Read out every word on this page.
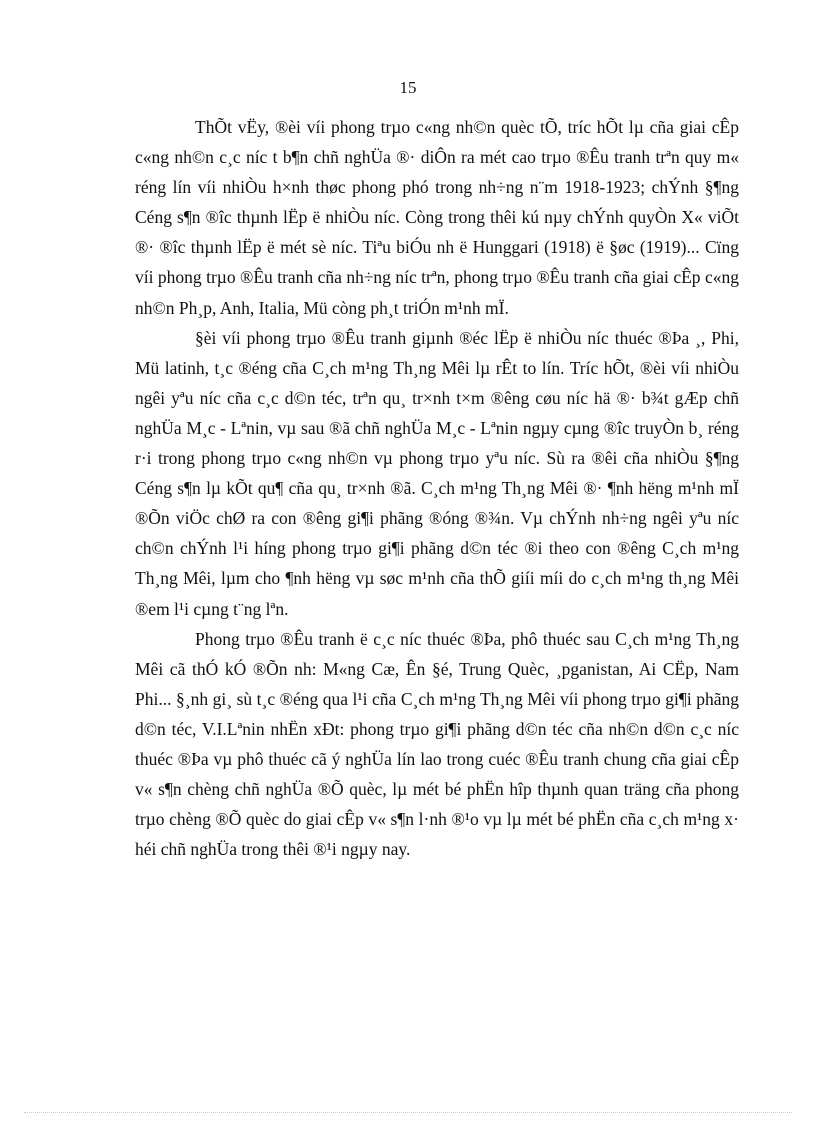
15

ThÕt vËy, ®èi víi phong trµo c«ng nh©n quèc tÕ, tríc hÕt lµ cña giai cÊp c«ng nh©n c¸c níc t b¶n chñ nghÜa ®· diÔn ra mét cao trµo ®Êu tranh trªn quy m« réng lín víi nhiÒu h×nh thøc phong phó trong nh÷ng n¨m 1918-1923; chÝnh §¶ng Céng s¶n ®îc thµnh lËp ë nhiÒu níc. Còng trong thêi kú nµy chÝnh quyÒn X« viÕt ®· ®îc thµnh lËp ë mét sè níc. Tiªu biÓu nh ë Hunggari (1918) ë §øc (1919)... Cïng víi phong trµo ®Êu tranh cña nh÷ng níc trªn, phong trµo ®Êu tranh cña giai cÊp c«ng nh©n Ph¸p, Anh, Italia, Mü còng ph¸t triÓn m¹nh mÏ.

§èi víi phong trµo ®Êu tranh giµnh ®éc lËp ë nhiÒu níc thuéc ®Þa ¸, Phi, Mü latinh, t¸c ®éng cña C¸ch m¹ng Th¸ng Mêi lµ rÊt to lín. Tríc hÕt, ®èi víi nhiÒu ngêi yªu níc cña c¸c d©n téc, trªn qu¸ tr×nh t×m ®êng cøu níc hä ®· b¾t gÆp chñ nghÜa M¸c - Lªnin, vµ sau ®ã chñ nghÜa M¸c - Lªnin ngµy cµng ®îc truyÒn b¸ réng r·i trong phong trµo c«ng nh©n vµ phong trµo yªu níc. Sù ra ®êi cña nhiÒu §¶ng Céng s¶n lµ kÕt qu¶ cña qu¸ tr×nh ®ã. C¸ch m¹ng Th¸ng Mêi ®· ¶nh hëng m¹nh mÏ ®Õn viÖc chØ ra con ®êng gi¶i phãng ®óng ®¾n. Vµ chÝnh nh÷ng ngêi yªu níc ch©n chÝnh l¹i híng phong trµo gi¶i phãng d©n téc ®i theo con ®êng C¸ch m¹ng Th¸ng Mêi, lµm cho ¶nh hëng vµ søc m¹nh cña thÕ giíi míi do c¸ch m¹ng th¸ng Mêi ®em l¹i cµng t¨ng lªn.

Phong trµo ®Êu tranh ë c¸c níc thuéc ®Þa, phô thuéc sau C¸ch m¹ng Th¸ng Mêi cã thÓ kÓ ®Õn nh: M«ng Cæ, Ên §é, Trung Quèc, ¸pganistan, Ai CËp, Nam Phi... §¸nh gi¸ sù t¸c ®éng qua l¹i cña C¸ch m¹ng Th¸ng Mêi víi phong trµo gi¶i phãng d©n téc, V.I.Lªnin nhËn xÐt: phong trµo gi¶i phãng d©n téc cña nh©n d©n c¸c níc thuéc ®Þa vµ phô thuéc cã ý nghÜa lín lao trong cuéc ®Êu tranh chung cña giai cÊp v« s¶n chèng chñ nghÜa ®Õ quèc, lµ mét bé phËn hîp thµnh quan träng cña phong trµo chèng ®Õ quèc do giai cÊp v« s¶n l·nh ®¹o vµ lµ mét bé phËn cña c¸ch m¹ng x· héi chñ nghÜa trong thêi ®¹i ngµy nay.
